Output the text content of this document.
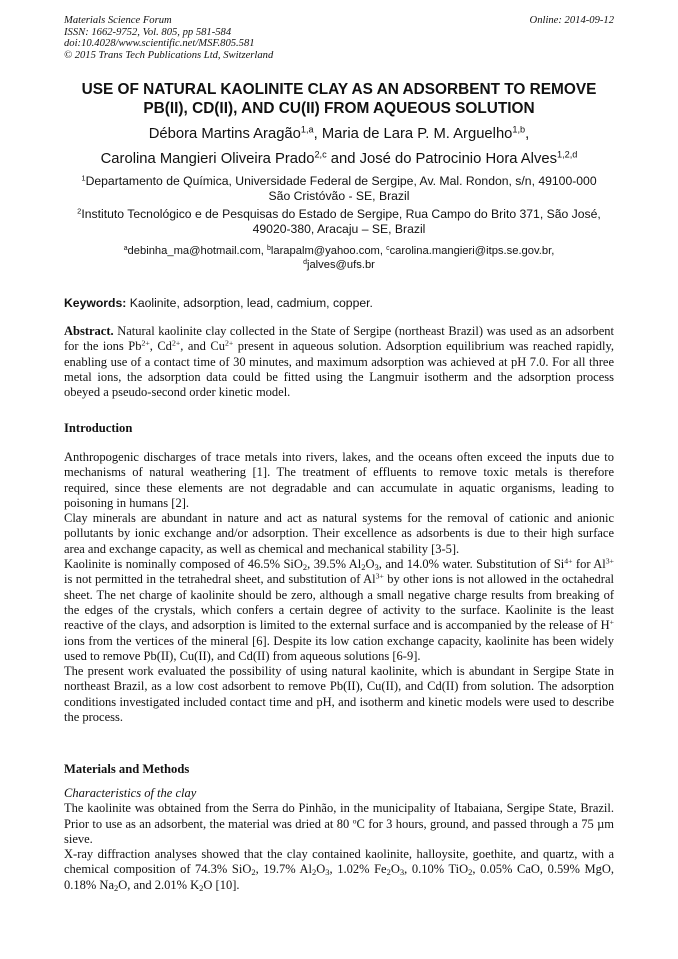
Materials Science Forum
ISSN: 1662-9752, Vol. 805, pp 581-584
doi:10.4028/www.scientific.net/MSF.805.581
© 2015 Trans Tech Publications Ltd, Switzerland
Online: 2014-09-12
USE OF NATURAL KAOLINITE CLAY AS AN ADSORBENT TO REMOVE
PB(II), CD(II), AND CU(II) FROM AQUEOUS SOLUTION
Débora Martins Aragão$^{1,a}$, Maria de Lara P. M. Arguelho$^{1,b}$,
Carolina Mangieri Oliveira Prado$^{2,c}$ and José do Patrocinio Hora Alves$^{1,2,d}$
$^1$Departamento de Química, Universidade Federal de Sergipe, Av. Mal. Rondon, s/n, 49100-000
São Cristóvão - SE, Brazil
$^2$Instituto Tecnológico e de Pesquisas do Estado de Sergipe, Rua Campo do Brito 371, São José,
49020-380, Aracaju – SE, Brazil
$^a$debinha_ma@hotmail.com, $^b$larapalm@yahoo.com, $^c$carolina.mangieri@itps.se.gov.br,
$^d$jalves@ufs.br
Keywords: Kaolinite, adsorption, lead, cadmium, copper.

Abstract. Natural kaolinite clay collected in the State of Sergipe (northeast Brazil) was used as an adsorbent for the ions $Pb^{2+}$, $Cd^{2+}$, and $Cu^{2+}$ present in aqueous solution. Adsorption equilibrium was reached rapidly, enabling use of a contact time of 30 minutes, and maximum adsorption was achieved at pH 7.0. For all three metal ions, the adsorption data could be fitted using the Langmuir isotherm and the adsorption process obeyed a pseudo-second order kinetic model.

Introduction

Anthropogenic discharges of trace metals into rivers, lakes, and the oceans often exceed the inputs due to mechanisms of natural weathering [1]. The treatment of effluents to remove toxic metals is therefore required, since these elements are not degradable and can accumulate in aquatic organisms, leading to poisoning in humans [2].

Clay minerals are abundant in nature and act as natural systems for the removal of cationic and anionic pollutants by ionic exchange and/or adsorption. Their excellence as adsorbents is due to their high surface area and exchange capacity, as well as chemical and mechanical stability [3-5].

Kaolinite is nominally composed of 46.5% SiO$_2$, 39.5% $Al_2O_3$, and 14.0% water. Substitution of $Si^{4+}$ for $Al^{3+}$ is not permitted in the tetrahedral sheet, and substitution of $Al^{3+}$ by other ions is not allowed in the octahedral sheet. The net charge of kaolinite should be zero, although a small negative charge results from breaking of the edges of the crystals, which confers a certain degree of activity to the surface. Kaolinite is the least reactive of the clays, and adsorption is limited to the external surface and is accompanied by the release of H+ ions from the vertices of the mineral [6]. Despite its low cation exchange capacity, kaolinite has been widely used to remove Pb(II), Cu(II), and Cd(II) from aqueous solutions [6-9].

The present work evaluated the possibility of using natural kaolinite, which is abundant in Sergipe State in northeast Brazil, as a low cost adsorbent to remove Pb(II), Cu(II), and Cd(II) from solution. The adsorption conditions investigated included contact time and pH, and isotherm and kinetic models were used to describe the process.

Materials and Methods

Characteristics of the clay

The kaolinite was obtained from the Serra do Pinhão, in the municipality of Itabaiana, Sergipe State, Brazil. Prior to use as an adsorbent, the material was dried at 80 $^o$C for 3 hours, ground, and passed through a 75 µm sieve.

X-ray diffraction analyses showed that the clay contained kaolinite, halloysite, goethite, and quartz, with a chemical composition of 74.3% SiO$_2$, 19.7% $Al_2O_3$, 1.02% $Fe_2O_3$, 0.10% TiO$_2$, 0.05% CaO, 0.59% MgO, 0.18% $Na_2O$, and 2.01% $K_2O$ [10].
